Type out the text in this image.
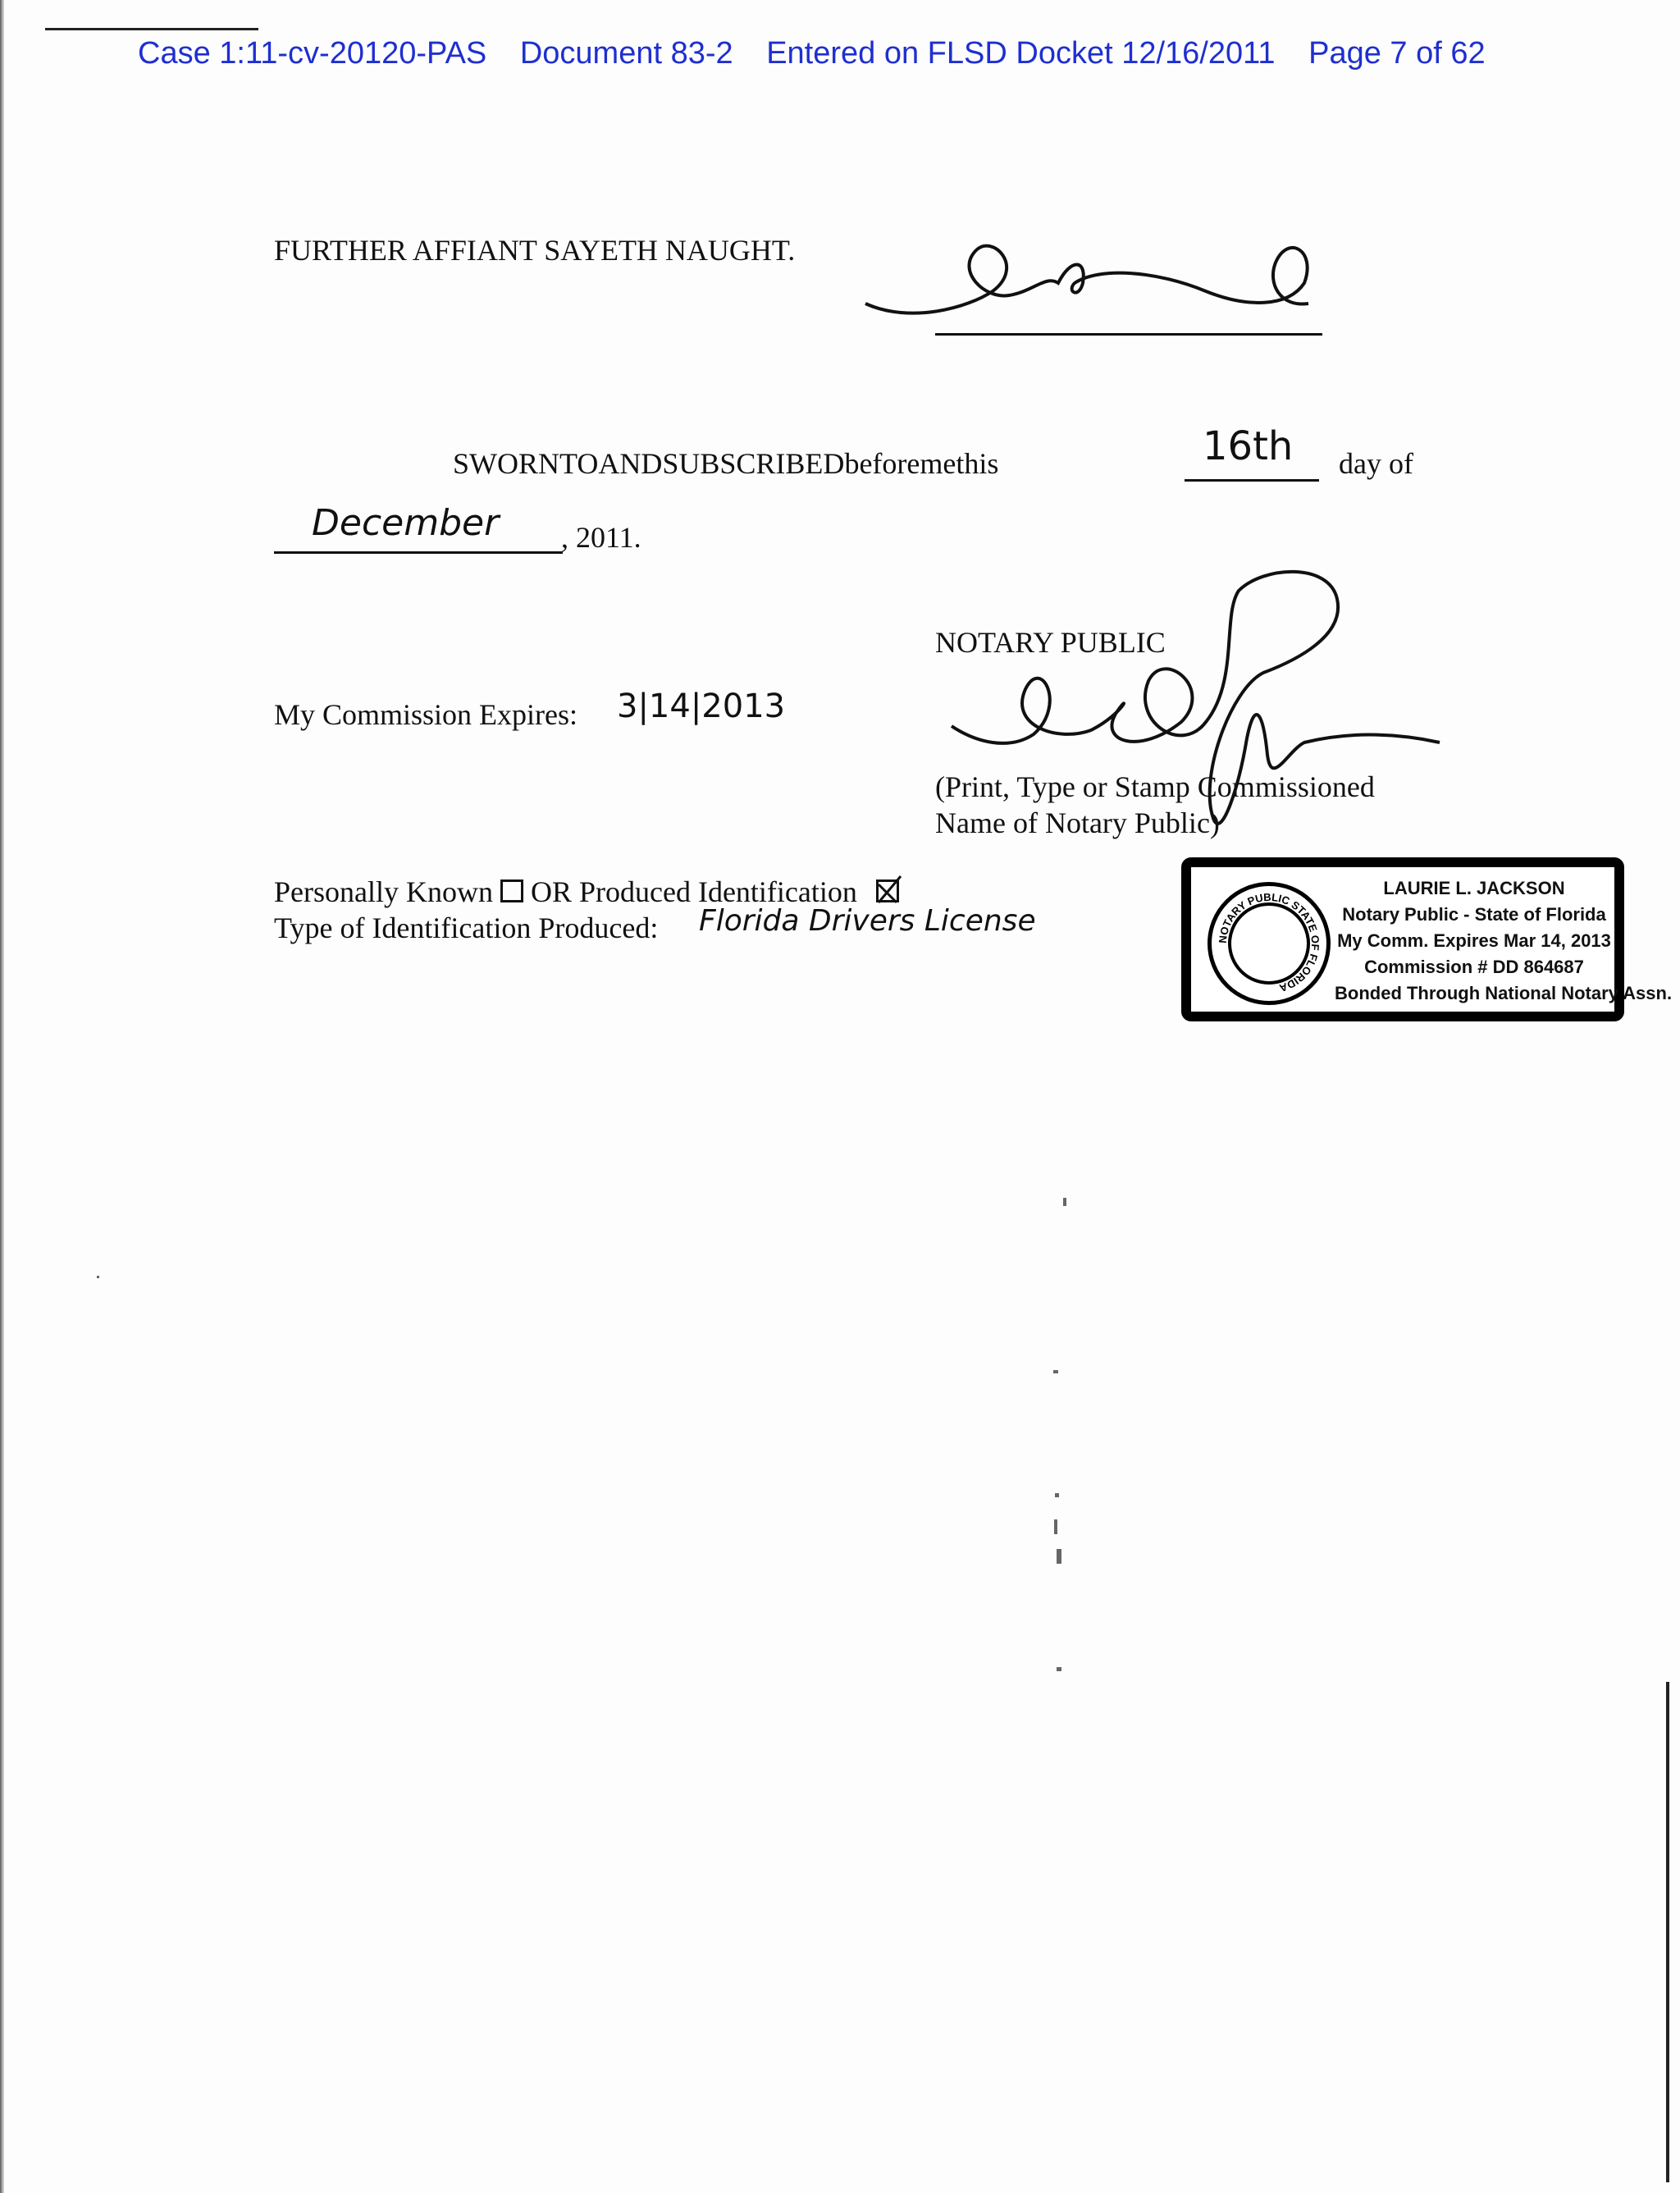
Case 1:11-cv-20120-PAS Document 83-2 Entered on FLSD Docket 12/16/2011 Page 7 of 62
FURTHER AFFIANT SAYETH NAUGHT.
SWORN TO AND SUBSCRIBED before me this	16th day of
December , 2011.
NOTARY PUBLIC
My Commission Expires: 3|14|2013
(Print, Type or Stamp Commissioned
Name of Notary Public)
Personally Known OR Produced Identification
Type of Identification Produced: Florida Drivers License
NOTARY PUBLIC STATE OF FLORIDA
LAURIE L. JACKSON
Notary Public - State of Florida
My Comm. Expires Mar 14, 2013
Commission # DD 864687
Bonded Through National Notary Assn.
